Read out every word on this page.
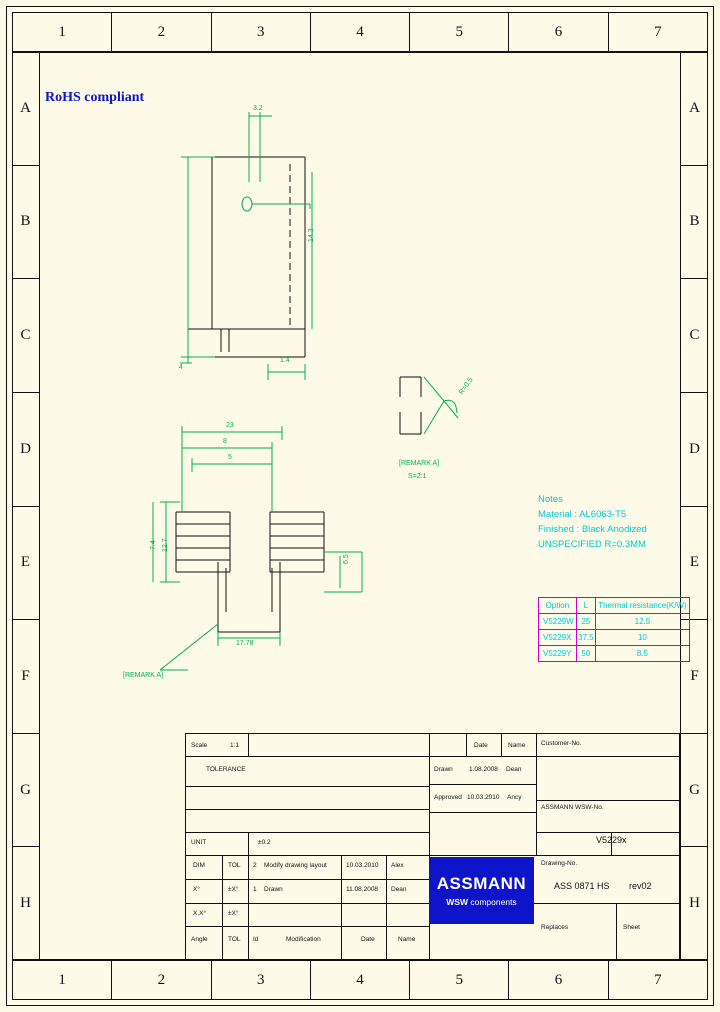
1	2	3	4	5	6	7
1	2	3	4	5	6	7
A
B
C
D
E
F
G
H
A
B
C
D
E
F
G
H
RoHS compliant
3.2
14.3
1.4
4
23
8
5
12.7
7.4
17.78
6.5
R=0.5
[REMARK A]
S=2:1
[REMARK A]
Notes
Material : AL6063-T5
Finished : Black Anodized
UNSPECIFIED R=0.3MM
Option	L	Thermal resistance(K/W)
V5229W	25	12.5
V5229X	37.5	10
V5229Y	50	8.5
Scale	1:1
TOLERANCE
UNIT	±0.2
DIM	TOL
X°	±X°
X.X°	±X°
Angle	TOL
2 Modify drawing layout	10.03.2010 Alex
1 Drawn	11.08.2008 Dean
Id	Modification	Date	Name
Date	Name
Drawn 1.08.2008 Dean
Approved 10.03.2010 Ancy
Customer-No.
ASSMANN WSW-No.
V5229x
Drawing-No.
ASS 0871 HS rev02
Replaces	Sheet
ASSMANN
WSW components
